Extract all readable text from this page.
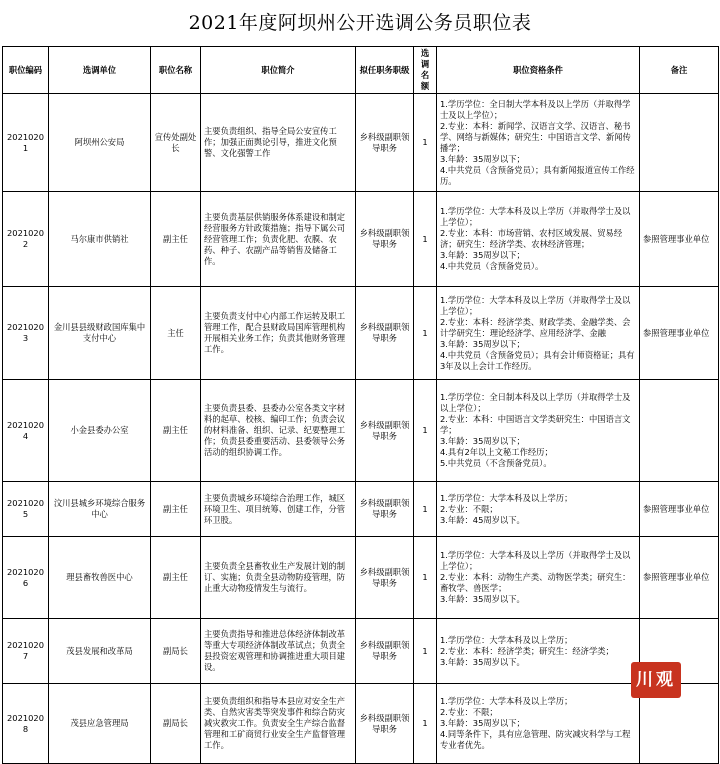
2021年度阿坝州公开选调公务员职位表
职位编码	选调单位	职位名称	职位简介	拟任职务职级	选调名额	职位资格条件	备注
20210201	阿坝州公安局	宣传处副处长	主要负责组织、指导全局公安宣传工作；加强正面舆论引导，推进文化预警、文化强警工作	乡科级副职领导职务	1	1.学历学位：全日制大学本科及以上学历（并取得学士及以上学位）；
2.专业：本科：新闻学、汉语言文学、汉语言、秘书学、网络与新媒体；研究生：中国语言文学、新闻传播学；
3.年龄：35周岁以下；
4.中共党员（含预备党员）；具有新闻报道宣传工作经历。	

20210202	马尔康市供销社	副主任	主要负责基层供销服务体系建设和制定经营服务方针政策措施；指导下属公司经营管理工作；负责化肥、农膜、农药、种子、农副产品等销售及储备工作。	乡科级副职领导职务	1	1.学历学位：大学本科及以上学历（并取得学士及以上学位）；
2.专业：本科：市场营销、农村区域发展、贸易经济；研究生：经济学类、农林经济管理；
3.年龄：35周岁以下；
4.中共党员（含预备党员）。	参照管理事业单位
20210203	金川县县级财政国库集中支付中心	主任	主要负责支付中心内部工作运转及职工管理工作，配合县财政局国库管理机构开展相关业务工作；负责其他财务管理工作。	乡科级副职领导职务	1	1.学历学位：大学本科及以上学历（并取得学士及以上学位）；
2.专业：本科：经济学类、财政学类、金融学类、会计学研究生：理论经济学、应用经济学、金融
3.年龄：35周岁以下；
4.中共党员（含预备党员）；具有会计师资格证；具有3年及以上会计工作经历。	参照管理事业单位
20210204	小金县委办公室	副主任	主要负责县委、县委办公室各类文字材料的起草、校核、编印工作；负责会议的材料准备、组织、记录、纪要整理工作；负责县委重要活动、县委领导公务活动的组织协调工作。	乡科级副职领导职务	1	1.学历学位：全日制本科及以上学历（并取得学士及以上学位）；
2.专业：本科：中国语言文学类研究生：中国语言文学；
3.年龄：35周岁以下；
4.具有2年以上文秘工作经历；
5.中共党员（不含预备党员）。	

20210205	汶川县城乡环境综合服务中心	副主任	主要负责城乡环境综合治理工作，城区环境卫生、项目统筹、创建工作，分管环卫股。	乡科级副职领导职务	1	1.学历学位：大学本科及以上学历；
2.专业：不限；
3.年龄：45周岁以下。	参照管理事业单位
20210206	理县畜牧兽医中心	副主任	主要负责全县畜牧业生产发展计划的制订、实施；负责全县动物防疫管理，防止重大动物疫情发生与流行。	乡科级副职领导职务	1	1.学历学位：大学本科及以上学历（并取得学士及以上学位）；
2.专业：本科：动物生产类、动物医学类；研究生：畜牧学、兽医学；
3.年龄：35周岁以下。	参照管理事业单位
20210207	茂县发展和改革局	副局长	主要负责指导和推进总体经济体制改革等重大专项经济体制改革试点；负责全县投资宏观管理和协调推进重大项目建设。	乡科级副职领导职务	1	1.学历学位：大学本科及以上学历；
2.专业：本科：经济学类；研究生：经济学类；
3.年龄：35周岁以下。	

20210208	茂县应急管理局	副局长	主要负责组织和指导本县应对安全生产类、自然灾害类等突发事件和综合防灾减灾救灾工作。负责安全生产综合监督管理和工矿商贸行业安全生产监督管理工作。	乡科级副职领导职务	1	1.学历学位：大学本科及以上学历；
2.专业：不限；
3.年龄：35周岁以下；
4.同等条件下，具有应急管理、防灾减灾科学与工程专业者优先。	

川观
